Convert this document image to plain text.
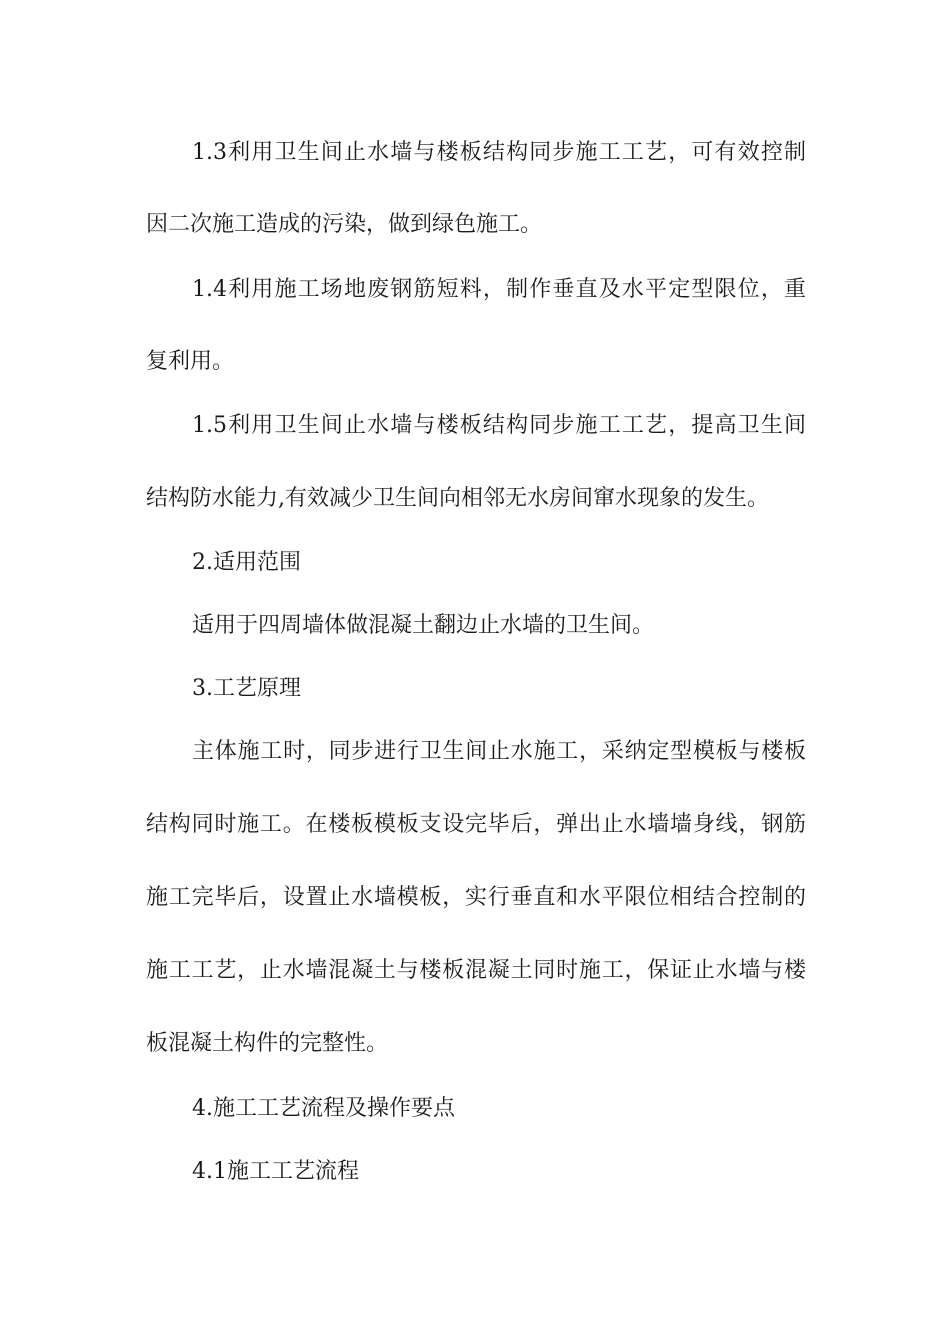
1.3利用卫生间止水墙与楼板结构同步施工工艺，可有效控制
因二次施工造成的污染，做到绿色施工。
1.4利用施工场地废钢筋短料，制作垂直及水平定型限位，重
复利用。
1.5利用卫生间止水墙与楼板结构同步施工工艺，提高卫生间
结构防水能力,有效减少卫生间向相邻无水房间窜水现象的发生。
2.适用范围
适用于四周墙体做混凝土翻边止水墙的卫生间。
3.工艺原理
主体施工时，同步进行卫生间止水施工，采纳定型模板与楼板
结构同时施工。在楼板模板支设完毕后，弹出止水墙墙身线，钢筋
施工完毕后，设置止水墙模板，实行垂直和水平限位相结合控制的
施工工艺，止水墙混凝土与楼板混凝土同时施工，保证止水墙与楼
板混凝土构件的完整性。
4.施工工艺流程及操作要点
4.1施工工艺流程
